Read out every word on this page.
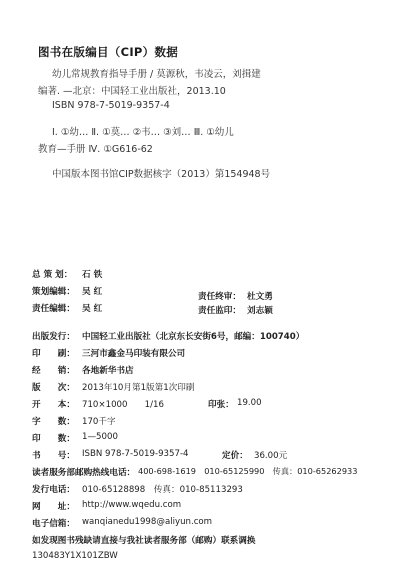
图书在版编目（CIP）数据
幼儿常规教育指导手册 / 莫源秋，韦凌云，刘揖建
编著. —北京：中国轻工业出版社，2013.10
ISBN 978-7-5019-9357-4
Ⅰ. ①幼… Ⅱ. ①莫… ②韦… ③刘… Ⅲ. ①幼儿
教育—手册 Ⅳ. ①G616-62
中国版本图书馆CIP数据核字（2013）第154948号
总 策 划： 石 铁
策划编辑： 吴 红	责任终审： 杜文勇
责任编辑： 吴 红	责任监印： 刘志颖
出版发行： 中国轻工业出版社（北京东长安街6号，邮编：100740）
印　　刷： 三河市鑫金马印装有限公司
经　　销： 各地新华书店
版　　次： 2013年10月第1版第1次印刷
开　　本： 710×1000　　1/16	印张： 19.00
字　　数： 170千字
印　　数： 1—5000
书　　号： ISBN 978-7-5019-9357-4	定价： 36.00元
读者服务部邮购热线电话： 400-698-1619　010-65125990　传真：010-65262933
发行电话： 010-65128898　传真：010-85113293
网　　址： http://www.wqedu.com
电子信箱： wanqianedu1998@aliyun.com
如发现图书残缺请直接与我社读者服务部（邮购）联系调换
130483Y1X101ZBW
